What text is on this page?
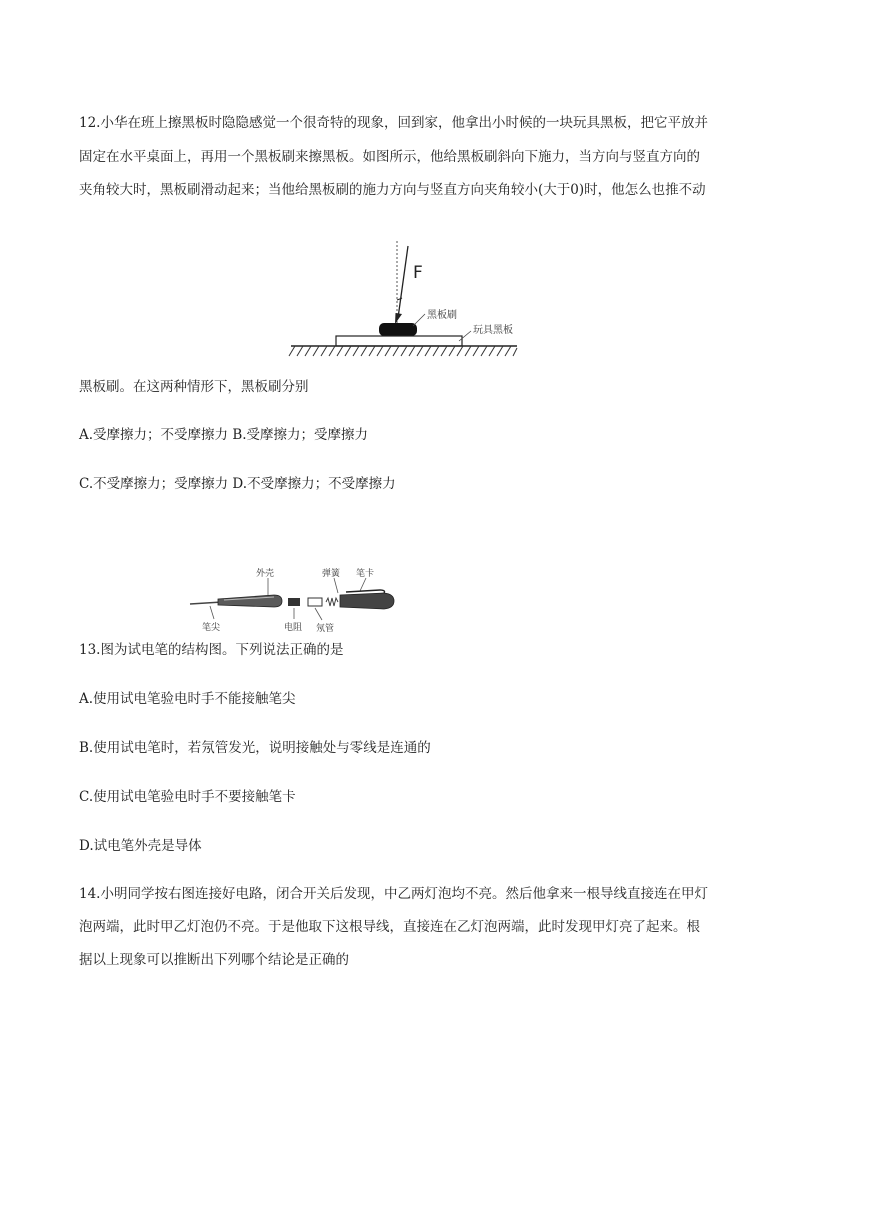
12.小华在班上擦黑板时隐隐感觉一个很奇特的现象，回到家，他拿出小时候的一块玩具黑板，把它平放并
固定在水平桌面上，再用一个黑板刷来擦黑板。如图所示，他给黑板刷斜向下施力，当方向与竖直方向的
夹角较大时，黑板刷滑动起来；当他给黑板刷的施力方向与竖直方向夹角较小(大于0)时，他怎么也推不动
F
黑板刷
玩具黑板
黑板刷。在这两种情形下，黑板刷分别
A.受摩擦力；不受摩擦力 B.受摩擦力；受摩擦力
C.不受摩擦力；受摩擦力 D.不受摩擦力；不受摩擦力
外壳	弹簧 笔卡
笔尖	电阻 氖管
13.图为试电笔的结构图。下列说法正确的是
A.使用试电笔验电时手不能接触笔尖
B.使用试电笔时，若氖管发光，说明接触处与零线是连通的
C.使用试电笔验电时手不要接触笔卡
D.试电笔外壳是导体
14.小明同学按右图连接好电路，闭合开关后发现，中乙两灯泡均不亮。然后他拿来一根导线直接连在甲灯
泡两端，此时甲乙灯泡仍不亮。于是他取下这根导线，直接连在乙灯泡两端，此时发现甲灯亮了起来。根
据以上现象可以推断出下列哪个结论是正确的
